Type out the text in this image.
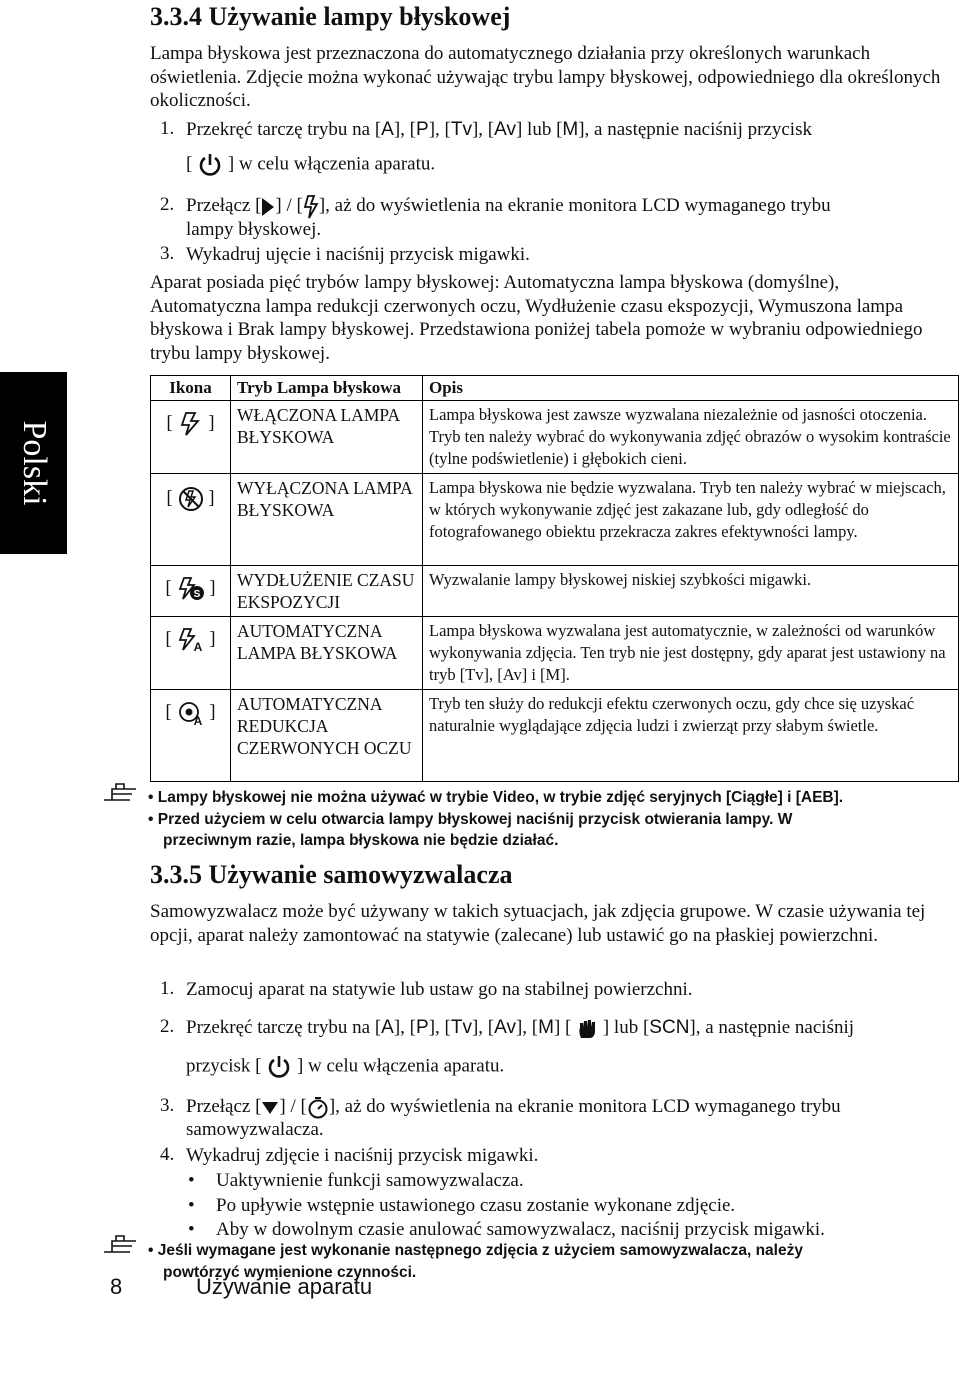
Polski
3.3.4 Używanie lampy błyskowej
Lampa błyskowa jest przeznaczona do automatycznego działania przy określonych warunkach oświetlenia. Zdjęcie można wykonać używając trybu lampy błyskowej, odpowiedniego dla określonych okoliczności.
1. Przekręć tarczę trybu na [A], [P], [Tv], [Av] lub [M], a następnie naciśnij przycisk
[ ] w celu włączenia aparatu.
2. Przełącz [ ] / [ ], aż do wyświetlenia na ekranie monitora LCD wymaganego trybu
lampy błyskowej.
3. Wykadruj ujęcie i naciśnij przycisk migawki.
Aparat posiada pięć trybów lampy błyskowej: Automatyczna lampa błyskowa (domyślne), Automatyczna lampa redukcji czerwonych oczu, Wydłużenie czasu ekspozycji, Wymuszona lampa błyskowa i Brak lampy błyskowej. Przedstawiona poniżej tabela pomoże w wybraniu odpowiedniego trybu lampy błyskowej.
Ikona	Tryb Lampa błyskowa	Opis
[ ]	WŁĄCZONA LAMPA BŁYSKOWA	Lampa błyskowa jest zawsze wyzwalana niezależnie od jasności otoczenia. Tryb ten należy wybrać do wykonywania zdjęć obrazów o wysokim kontraście (tylne podświetlenie) i głębokich cieni.
[ ]	WYŁĄCZONA LAMPA BŁYSKOWA	Lampa błyskowa nie będzie wyzwalana. Tryb ten należy wybrać w miejscach, w których wykonywanie zdjęć jest zakazane lub, gdy odległość do fotografowanego obiektu przekracza zakres efektywności lampy.
[ S ]	WYDŁUŻENIE CZASU EKSPOZYCJI	Wyzwalanie lampy błyskowej niskiej szybkości migawki.
[ A ]	AUTOMATYCZNA LAMPA BŁYSKOWA	Lampa błyskowa wyzwalana jest automatycznie, w zależności od warunków wykonywania zdjęcia. Ten tryb nie jest dostępny, gdy aparat jest ustawiony na tryb [Tv], [Av] i [M].
[ A ]	AUTOMATYCZNA REDUKCJA CZERWONYCH OCZU	Tryb ten służy do redukcji efektu czerwonych oczu, gdy chce się uzyskać naturalnie wyglądające zdjęcia ludzi i zwierząt przy słabym świetle.
• Lampy błyskowej nie można używać w trybie Video, w trybie zdjęć seryjnych [Ciągłe] i [AEB].
• Przed użyciem w celu otwarcia lampy błyskowej naciśnij przycisk otwierania lampy. W
przeciwnym razie, lampa błyskowa nie będzie działać.
3.3.5 Używanie samowyzwalacza
Samowyzwalacz może być używany w takich sytuacjach, jak zdjęcia grupowe. W czasie używania tej opcji, aparat należy zamontować na statywie (zalecane) lub ustawić go na płaskiej powierzchni.
1. Zamocuj aparat na statywie lub ustaw go na stabilnej powierzchni.
2. Przekręć tarczę trybu na [A], [P], [Tv], [Av], [M] [ ] lub [SCN], a następnie naciśnij
przycisk [ ] w celu włączenia aparatu.
3. Przełącz [ ] / [ ], aż do wyświetlenia na ekranie monitora LCD wymaganego trybu
samowyzwalacza.
4. Wykadruj zdjęcie i naciśnij przycisk migawki.
• Uaktywnienie funkcji samowyzwalacza.
• Po upływie wstępnie ustawionego czasu zostanie wykonane zdjęcie.
• Aby w dowolnym czasie anulować samowyzwalacz, naciśnij przycisk migawki.
• Jeśli wymagane jest wykonanie następnego zdjęcia z użyciem samowyzwalacza, należy
powtórzyć wymienione czynności.
8	Używanie aparatu
